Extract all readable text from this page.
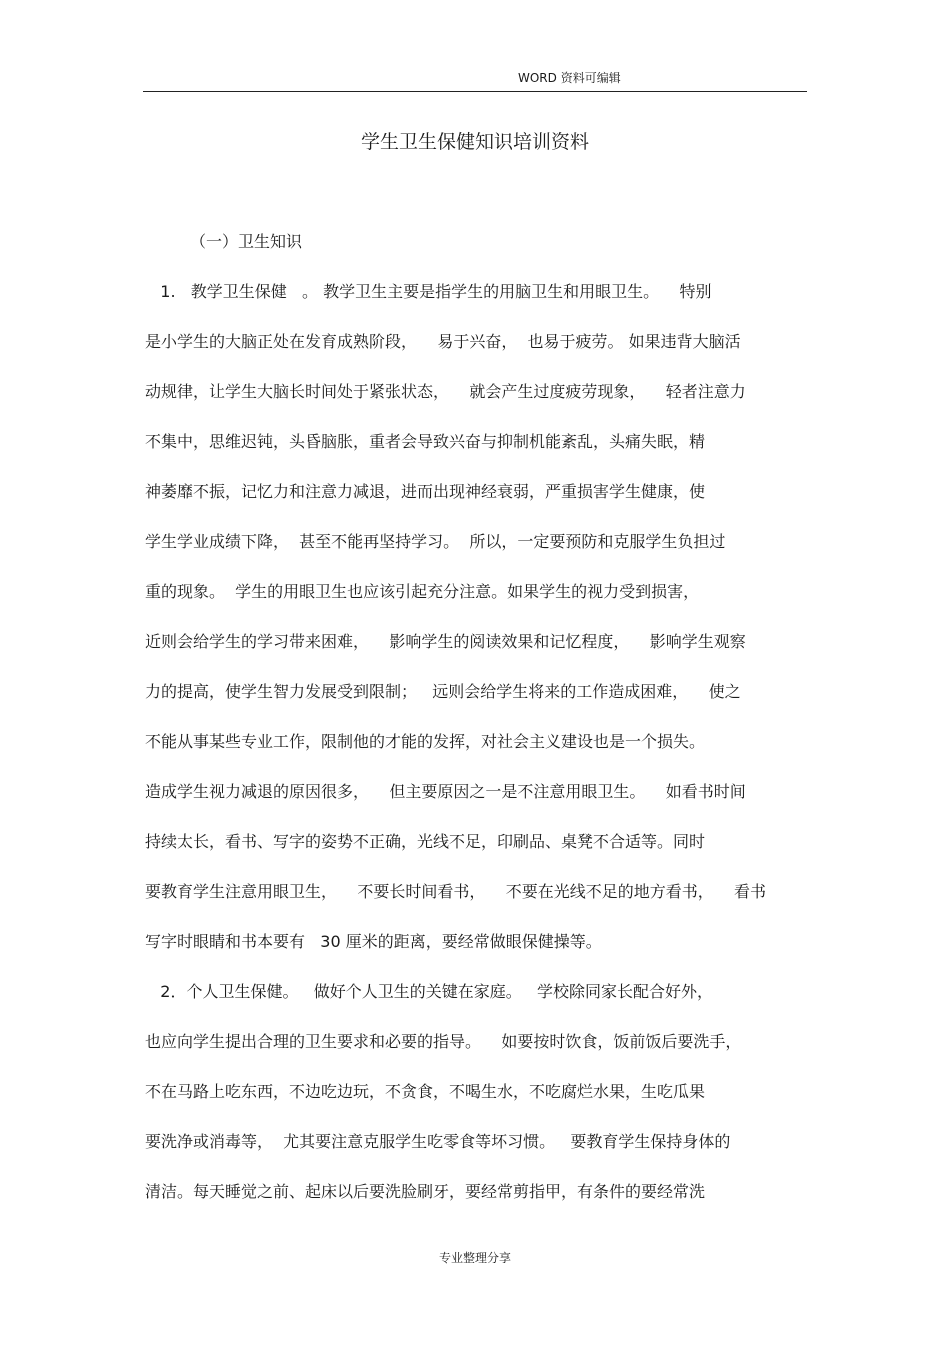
WORD 资料可编辑
学生卫生保健知识培训资料
（一）卫生知识
1.   教学卫生保健   。 教学卫生主要是指学生的用脑卫生和用眼卫生。    特别
是小学生的大脑正处在发育成熟阶段，    易于兴奋，  也易于疲劳。 如果违背大脑活
动规律，让学生大脑长时间处于紧张状态，    就会产生过度疲劳现象，    轻者注意力
不集中，思维迟钝，头昏脑胀，重者会导致兴奋与抑制机能紊乱，头痛失眠，精
神萎靡不振，记忆力和注意力减退，进而出现神经衰弱，严重损害学生健康，使
学生学业成绩下降，  甚至不能再坚持学习。  所以，一定要预防和克服学生负担过
重的现象。  学生的用眼卫生也应该引起充分注意。如果学生的视力受到损害，
近则会给学生的学习带来困难，    影响学生的阅读效果和记忆程度，    影响学生观察
力的提高，使学生智力发展受到限制；   远则会给学生将来的工作造成困难，    使之
不能从事某些专业工作，限制他的才能的发挥，对社会主义建设也是一个损失。
造成学生视力减退的原因很多，    但主要原因之一是不注意用眼卫生。    如看书时间
持续太长，看书、写字的姿势不正确，光线不足，印刷品、桌凳不合适等。同时
要教育学生注意用眼卫生，    不要长时间看书，    不要在光线不足的地方看书，    看书
写字时眼睛和书本要有   30 厘米的距离，要经常做眼保健操等。
2．个人卫生保健。   做好个人卫生的关键在家庭。   学校除同家长配合好外，
也应向学生提出合理的卫生要求和必要的指导。    如要按时饮食，饭前饭后要洗手，
不在马路上吃东西，不边吃边玩，不贪食，不喝生水，不吃腐烂水果，生吃瓜果
要洗净或消毒等，  尤其要注意克服学生吃零食等坏习惯。   要教育学生保持身体的
清洁。每天睡觉之前、起床以后要洗脸刷牙，要经常剪指甲，有条件的要经常洗
专业整理分享
